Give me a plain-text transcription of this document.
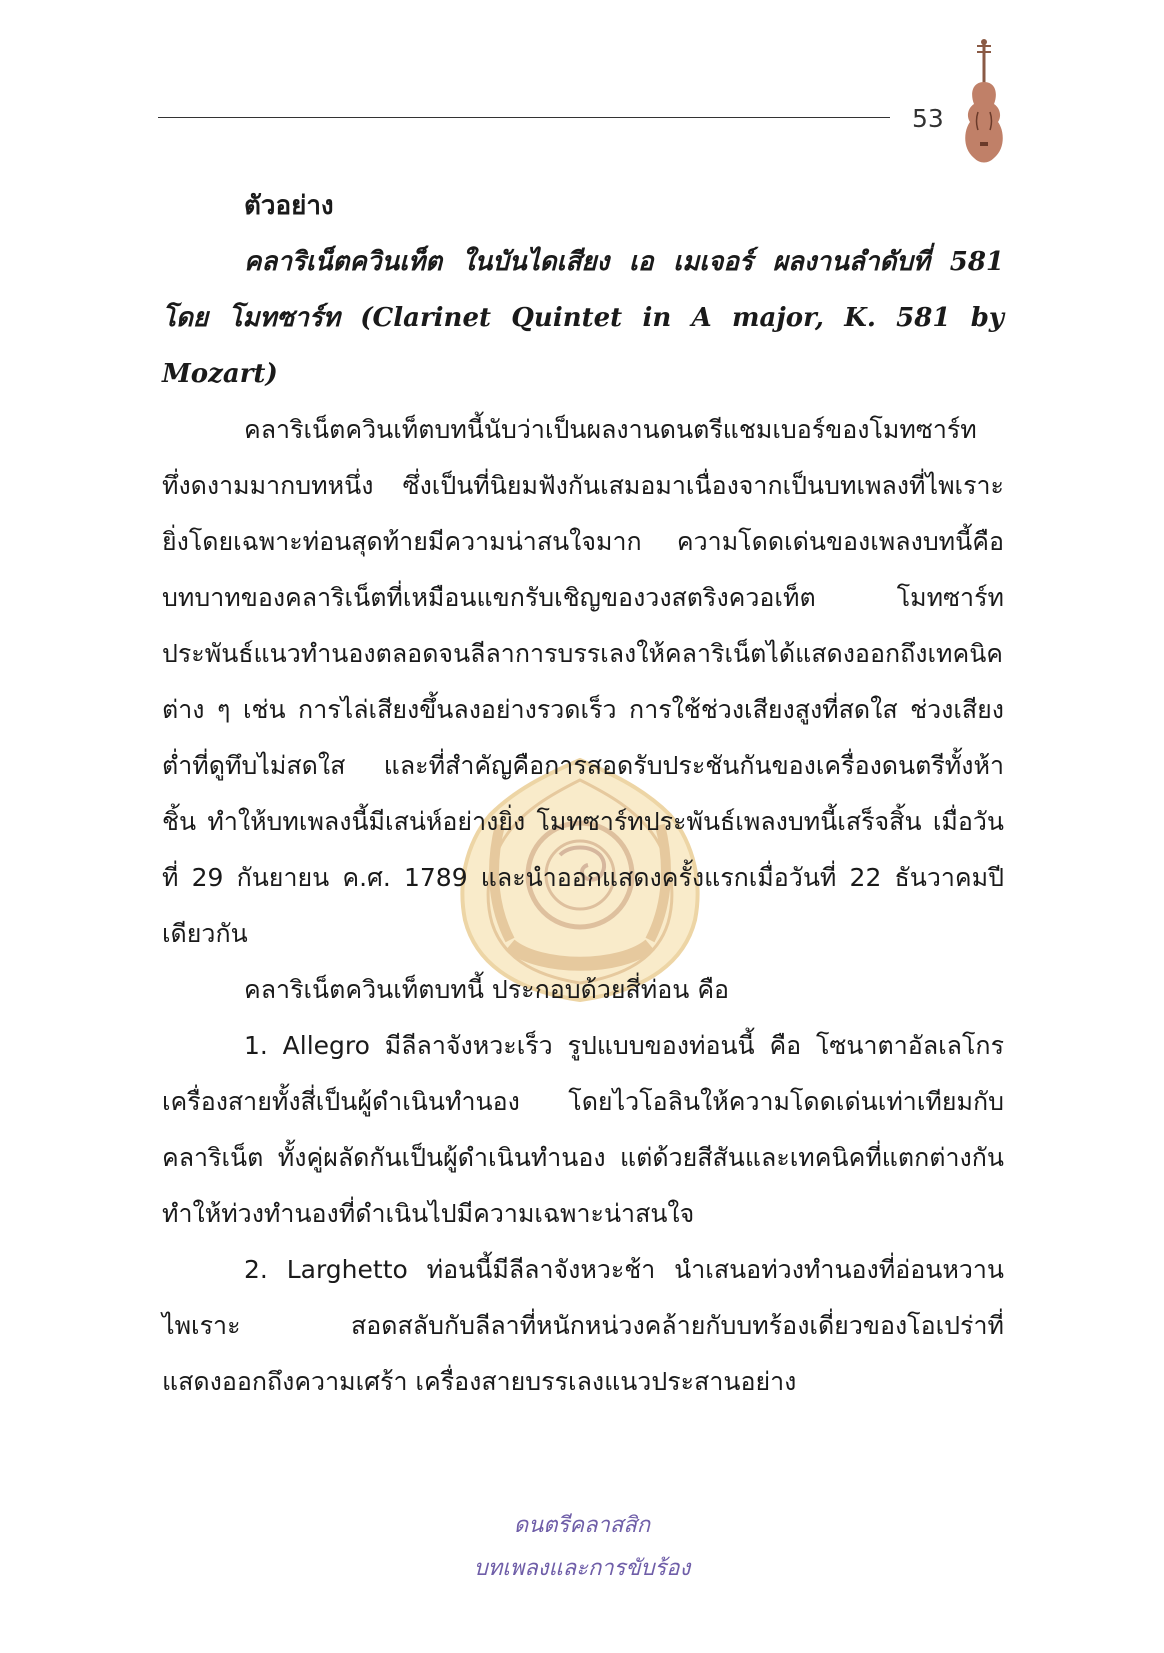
53

ตัวอย่าง

คลาริเน็ตควินเท็ต ในบันไดเสียง เอ เมเจอร์ ผลงานลำดับที่ 581 โดย โมทซาร์ท (Clarinet Quintet in A major, K. 581 by Mozart)

คลาริเน็ตควินเท็ตบทนี้นับว่าเป็นผลงานดนตรีแชมเบอร์ของโมทซาร์ททึ่งดงามมากบทหนึ่ง ซึ่งเป็นที่นิยมฟังกันเสมอมาเนื่องจากเป็นบทเพลงที่ไพเราะยิ่งโดยเฉพาะท่อนสุดท้ายมีความน่าสนใจมาก ความโดดเด่นของเพลงบทนี้คือบทบาทของคลาริเน็ตที่เหมือนแขกรับเชิญของวงสตริงควอเท็ต โมทซาร์ทประพันธ์แนวทำนองตลอดจนลีลาการบรรเลงให้คลาริเน็ตได้แสดงออกถึงเทคนิคต่าง ๆ เช่น การไล่เสียงขึ้นลงอย่างรวดเร็ว การใช้ช่วงเสียงสูงที่สดใส ช่วงเสียงต่ำที่ดูทึบไม่สดใส และที่สำคัญคือการสอดรับประชันกันของเครื่องดนตรีทั้งห้าชิ้น ทำให้บทเพลงนี้มีเสน่ห์อย่างยิ่ง โมทซาร์ทประพันธ์เพลงบทนี้เสร็จสิ้น เมื่อวันที่ 29 กันยายน ค.ศ. 1789 และนำออกแสดงครั้งแรกเมื่อวันที่ 22 ธันวาคมปีเดียวกัน

คลาริเน็ตควินเท็ตบทนี้ ประกอบด้วยสี่ท่อน คือ

1. Allegro มีลีลาจังหวะเร็ว รูปแบบของท่อนนี้ คือ โซนาตาอัลเลโกร เครื่องสายทั้งสี่เป็นผู้ดำเนินทำนอง โดยไวโอลินให้ความโดดเด่นเท่าเทียมกับคลาริเน็ต ทั้งคู่ผลัดกันเป็นผู้ดำเนินทำนอง แต่ด้วยสีสันและเทคนิคที่แตกต่างกันทำให้ท่วงทำนองที่ดำเนินไปมีความเฉพาะน่าสนใจ

2. Larghetto ท่อนนี้มีลีลาจังหวะช้า นำเสนอท่วงทำนองที่อ่อนหวานไพเราะ สอดสลับกับลีลาที่หนักหน่วงคล้ายกับบทร้องเดี่ยวของโอเปร่าที่แสดงออกถึงความเศร้า เครื่องสายบรรเลงแนวประสานอย่าง

ดนตรีคลาสสิก
บทเพลงและการขับร้อง
